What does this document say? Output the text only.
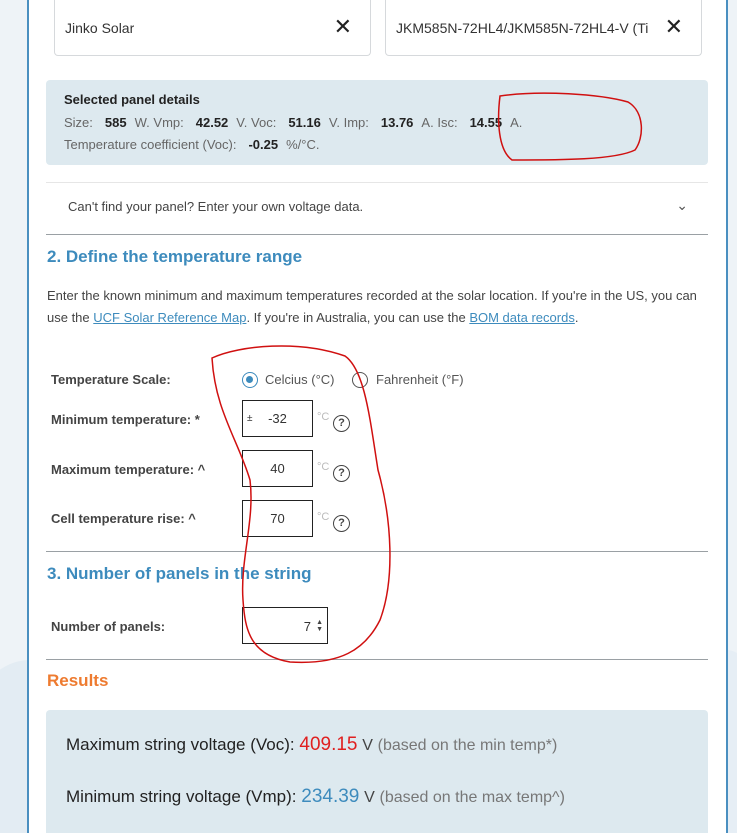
Jinko Solar	✕	JKM585N-72HL4/JKM585N-72HL4-V (Ti ✕
Selected panel details
Size: 585 W. Vmp: 42.52 V. Voc: 51.16 V. Imp: 13.76 A. Isc: 14.55 A.
Temperature coefficient (Voc): -0.25 %/°C.
Can't find your panel? Enter your own voltage data.	⌄
2. Define the temperature range
Enter the known minimum and maximum temperatures recorded at the solar location. If you're in the US, you can use the UCF Solar Reference Map. If you're in Australia, you can use the BOM data records.
Temperature Scale:	Celcius (°C)	Fahrenheit (°F)
Minimum temperature: *	± -32	°C ?
Maximum temperature: ^	40	°C ?
Cell temperature rise: ^	70	°C ?
3. Number of panels in the string
Number of panels:	7 ▲
▼
Results
Maximum string voltage (Voc): 409.15 V (based on the min temp*)
Minimum string voltage (Vmp): 234.39 V (based on the max temp^)
